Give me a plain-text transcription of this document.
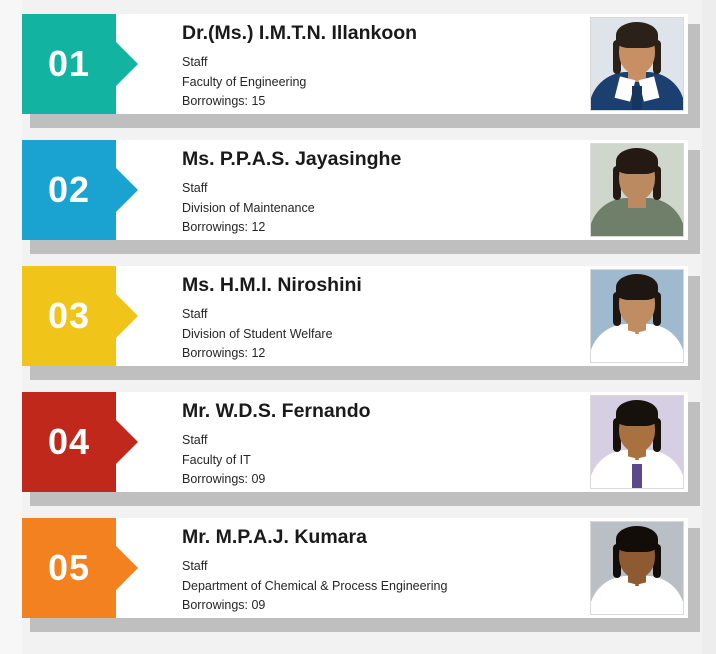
01
Dr.(Ms.) I.M.T.N. Illankoon
Staff
Faculty of Engineering
Borrowings: 15
02
Ms. P.P.A.S. Jayasinghe
Staff
Division of Maintenance
Borrowings: 12
03
Ms. H.M.I. Niroshini
Staff
Division of Student Welfare
Borrowings: 12
04
Mr. W.D.S. Fernando
Staff
Faculty of IT
Borrowings: 09
05
Mr. M.P.A.J. Kumara
Staff
Department of Chemical & Process Engineering
Borrowings: 09
